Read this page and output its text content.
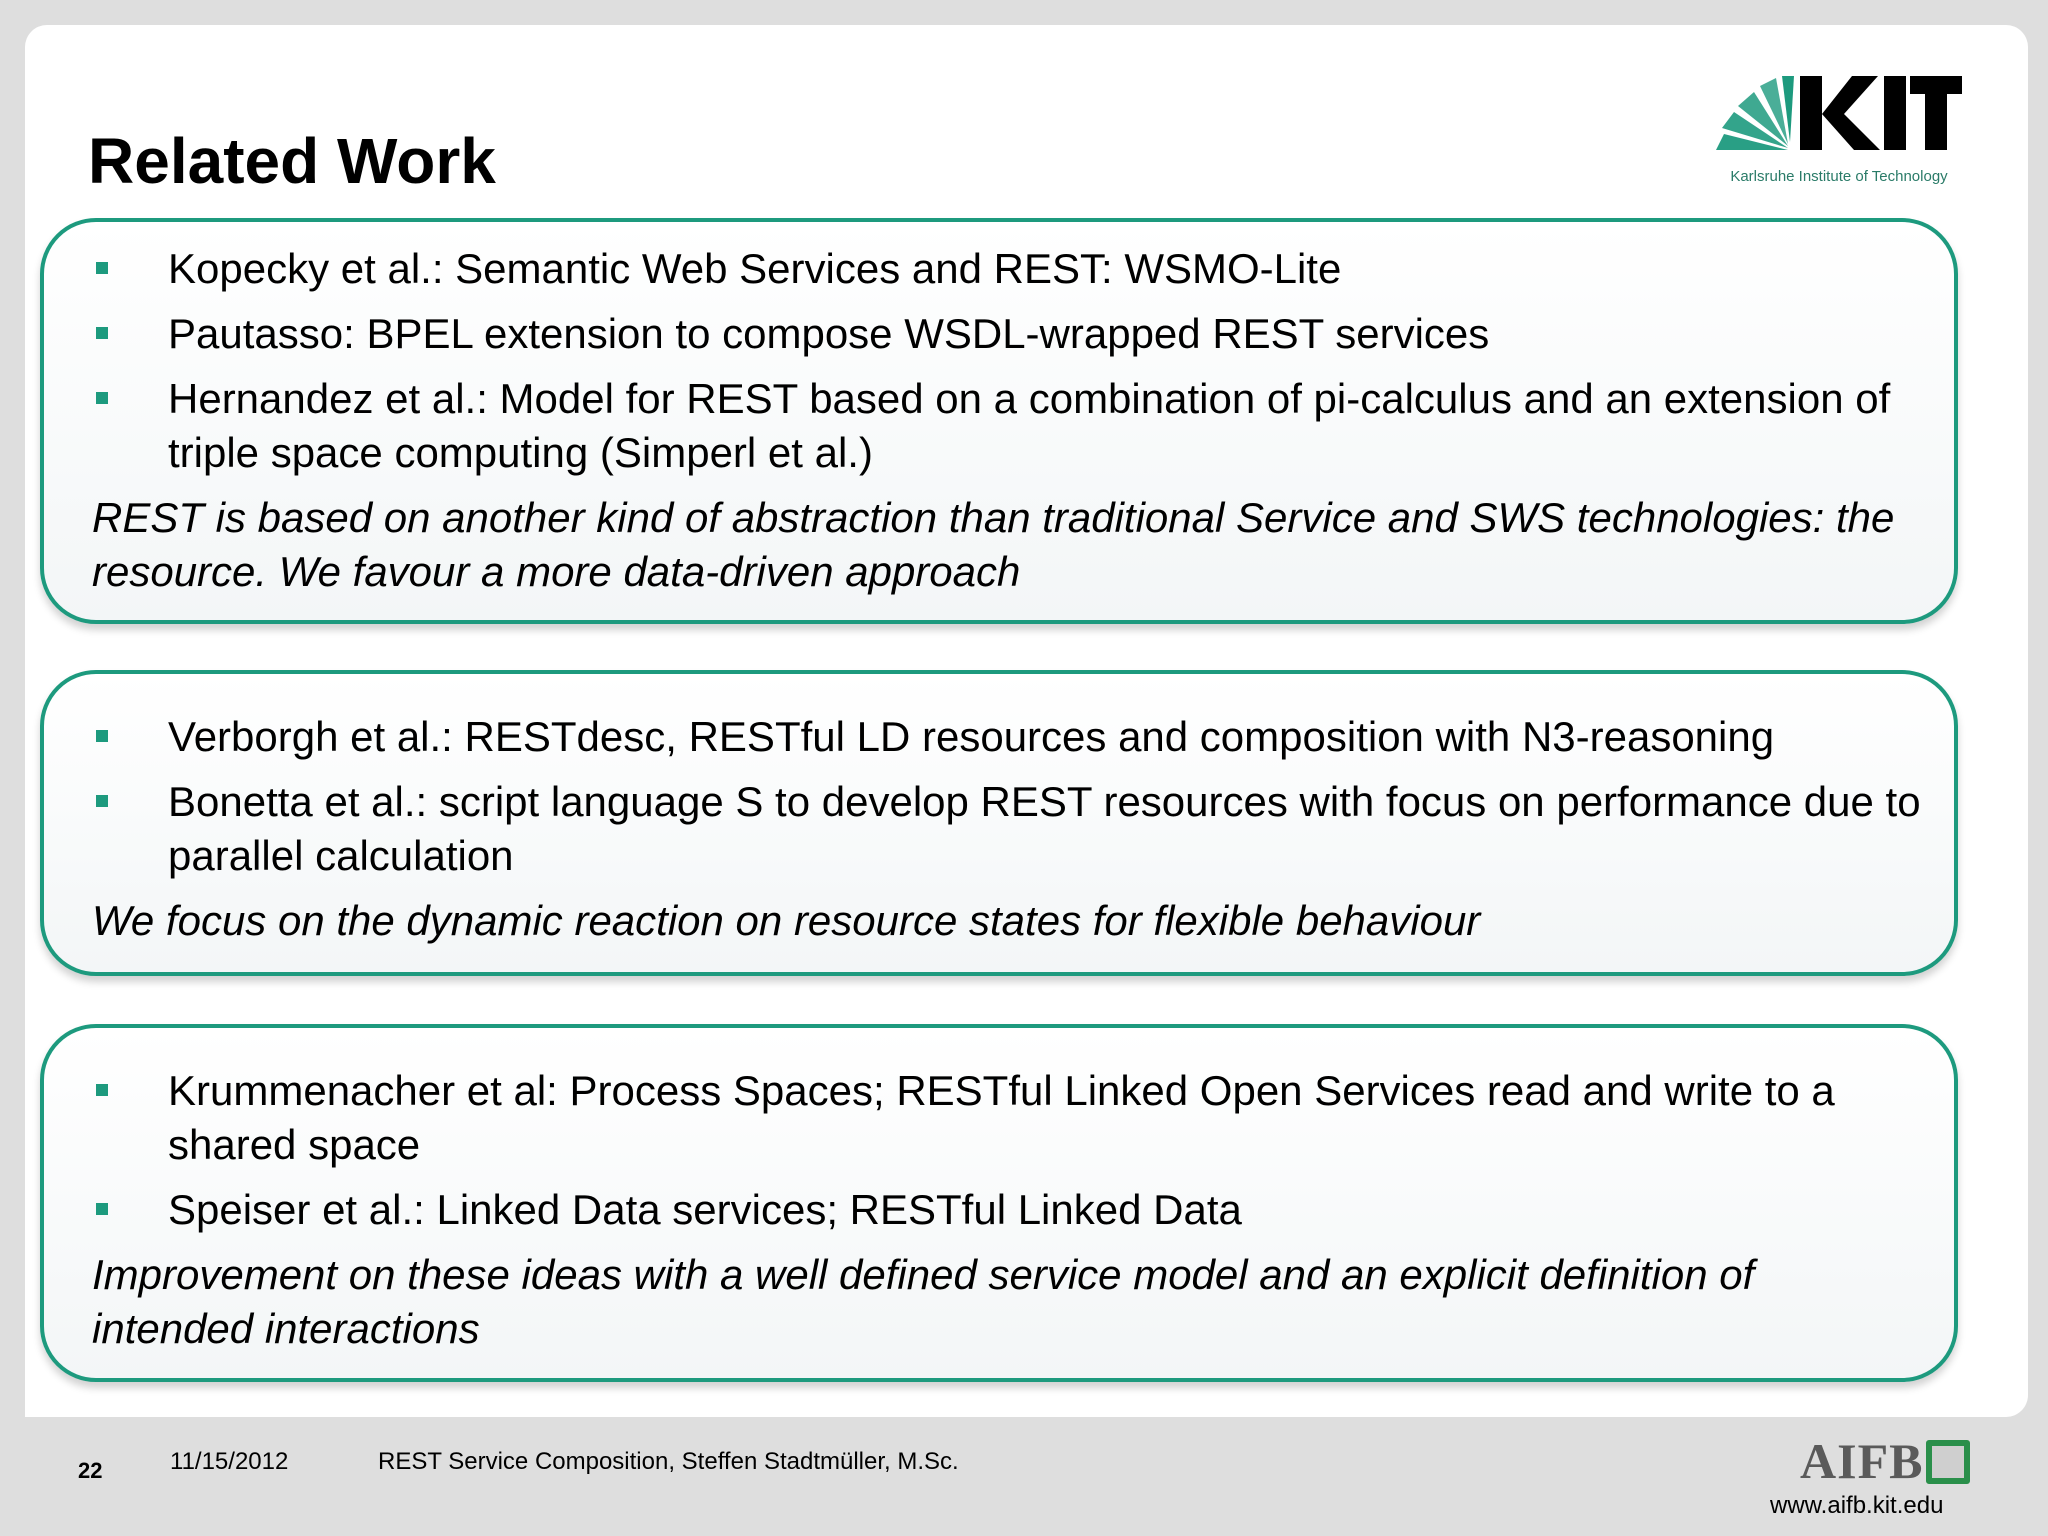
Related Work	Karlsruhe Institute of Technology
Kopecky et al.: Semantic Web Services and REST: WSMO-Lite
Pautasso: BPEL extension to compose WSDL-wrapped REST services
Hernandez et al.: Model for REST based on a combination of pi-calculus and an extension of triple space computing (Simperl et al.)
REST is based on another kind of abstraction than traditional Service and SWS technologies: the resource. We favour a more data-driven approach
Verborgh et al.: RESTdesc, RESTful LD resources and composition with N3-reasoning
Bonetta et al.: script language S to develop REST resources with focus on performance due to parallel calculation
We focus on the dynamic reaction on resource states for flexible behaviour
Krummenacher et al: Process Spaces; RESTful Linked Open Services read and write to a shared space
Speiser et al.: Linked Data services; RESTful Linked Data
Improvement on these ideas with a well defined service model and an explicit definition of intended interactions
22	11/15/2012	REST Service Composition, Steffen Stadtmüller, M.Sc.	AIFB
www.aifb.kit.edu
